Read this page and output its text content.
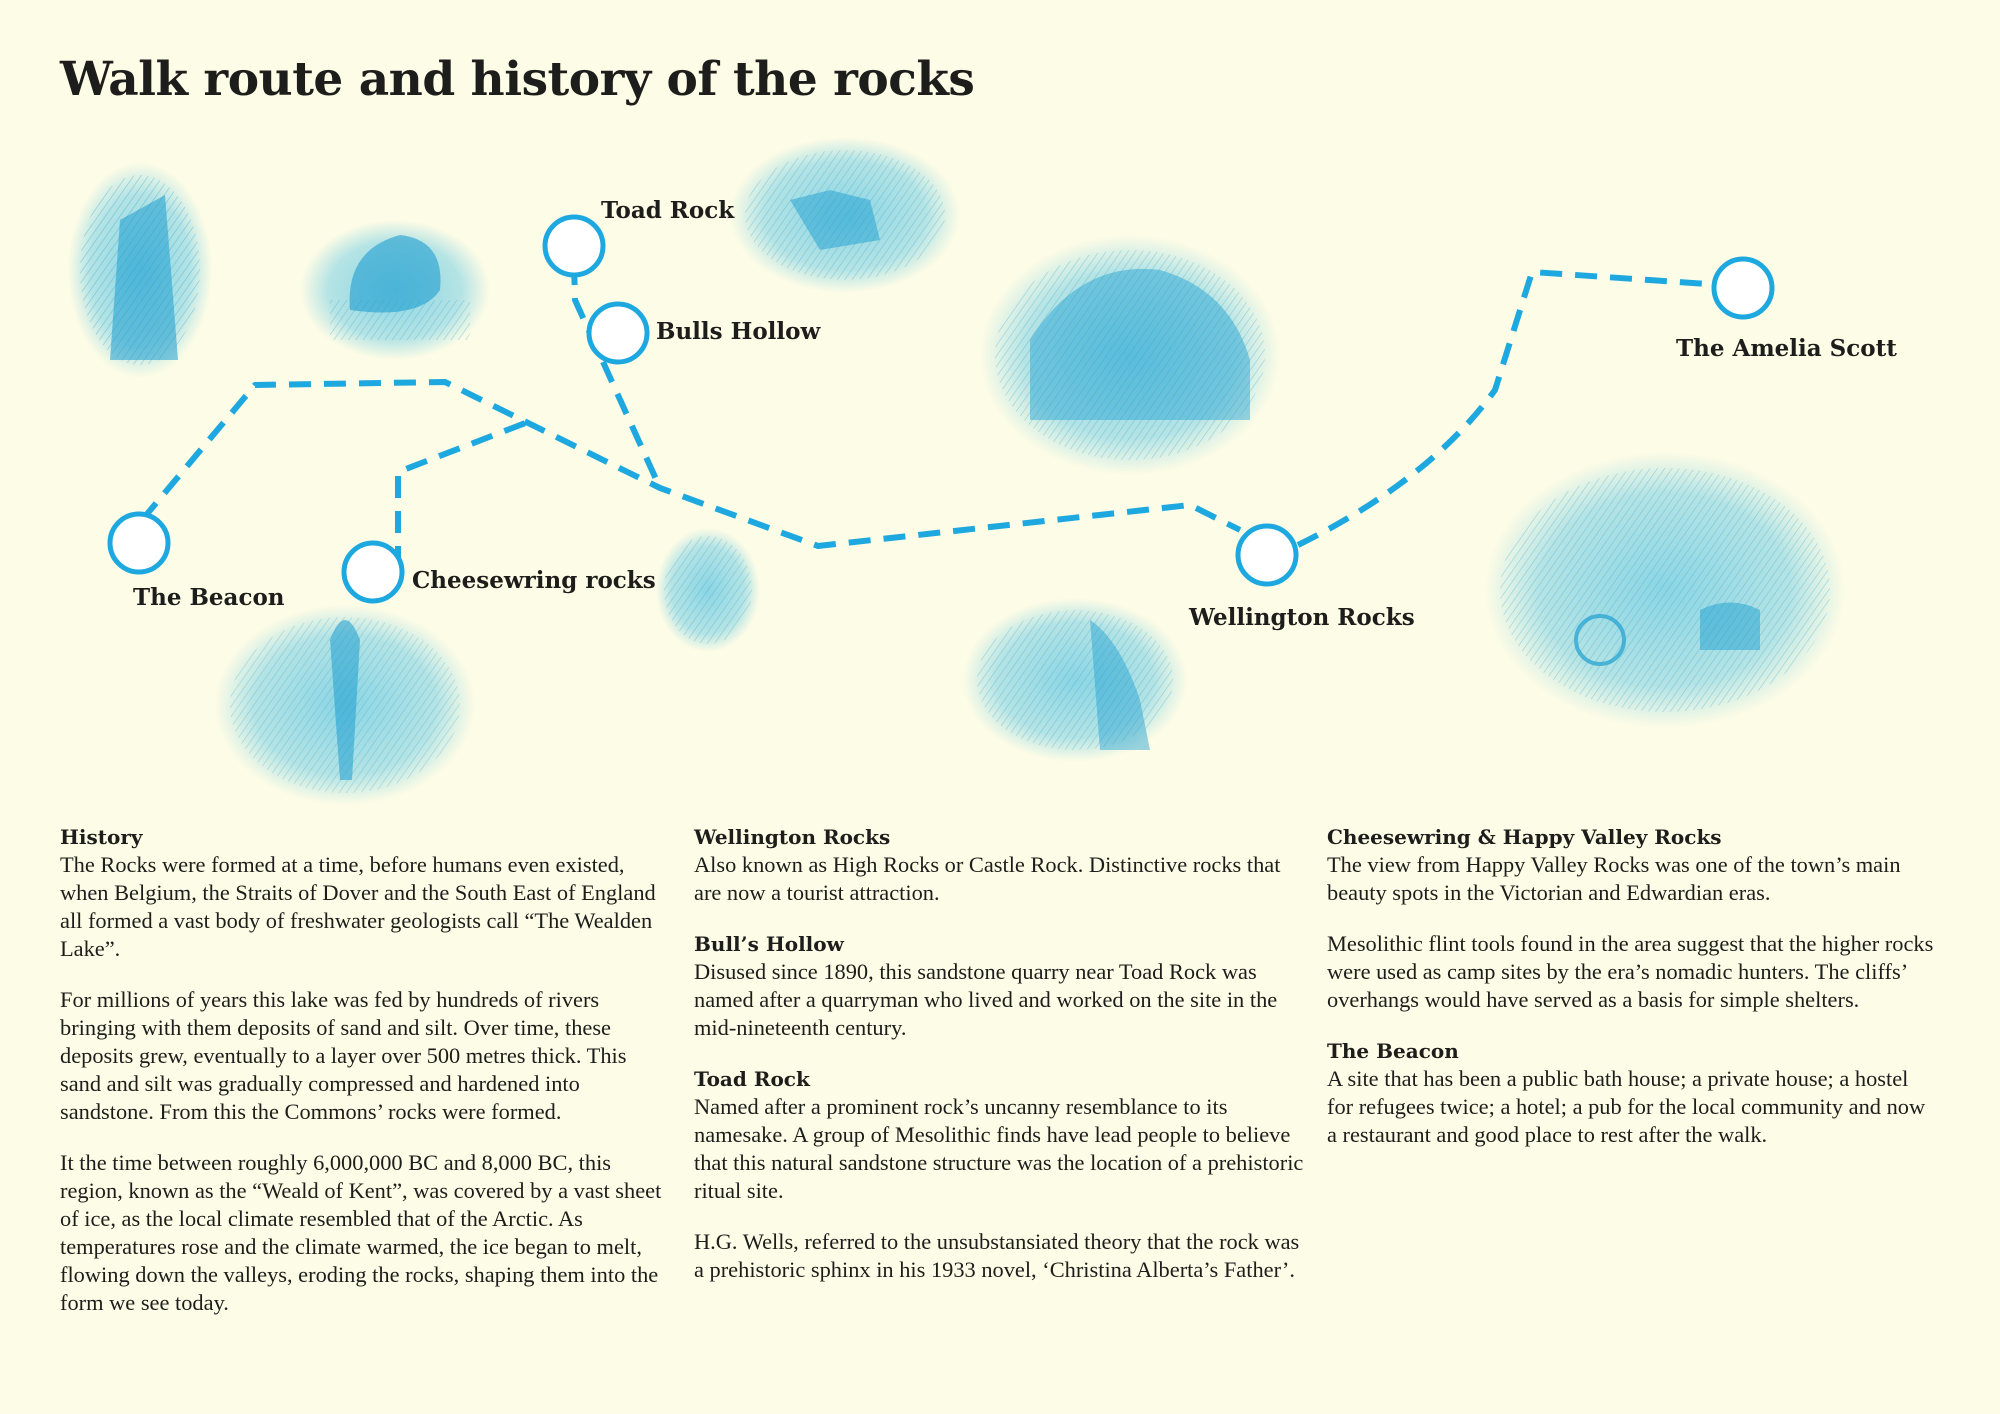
Walk route and history of the rocks
The Beacon
Cheesewring rocks
Toad Rock
Bulls Hollow
Wellington Rocks
The Amelia Scott
History

The Rocks were formed at a time, before humans even existed, when Belgium, the Straits of Dover and the South East of England all formed a vast body of freshwater geologists call “The Wealden Lake”.

For millions of years this lake was fed by hundreds of rivers bringing with them deposits of sand and silt. Over time, these deposits grew, eventually to a layer over 500 metres thick. This sand and silt was gradually compressed and hardened into sandstone. From this the Commons’ rocks were formed.

It the time between roughly 6,000,000 BC and 8,000 BC, this region, known as the “Weald of Kent”, was covered by a vast sheet of ice, as the local climate resembled that of the Arctic. As temperatures rose and the climate warmed, the ice began to melt, flowing down the valleys, eroding the rocks, shaping them into the form we see today.

Wellington Rocks

Also known as High Rocks or Castle Rock. Distinctive rocks that are now a tourist attraction.

Bull’s Hollow

Disused since 1890, this sandstone quarry near Toad Rock was named after a quarryman who lived and worked on the site in the mid-nineteenth century.

Toad Rock

Named after a prominent rock’s uncanny resemblance to its namesake. A group of Mesolithic finds have lead people to believe that this natural sandstone structure was the location of a prehistoric ritual site.

H.G. Wells, referred to the unsubstansiated theory that the rock was a prehistoric sphinx in his 1933 novel, ‘Christina Alberta’s Father’.

Cheesewring & Happy Valley Rocks

The view from Happy Valley Rocks was one of the town’s main beauty spots in the Victorian and Edwardian eras.

Mesolithic flint tools found in the area suggest that the higher rocks were used as camp sites by the era’s nomadic hunters. The cliffs’ overhangs would have served as a basis for simple shelters.

The Beacon

A site that has been a public bath house; a private house; a hostel for refugees twice; a hotel; a pub for the local community and now a restaurant and good place to rest after the walk.
